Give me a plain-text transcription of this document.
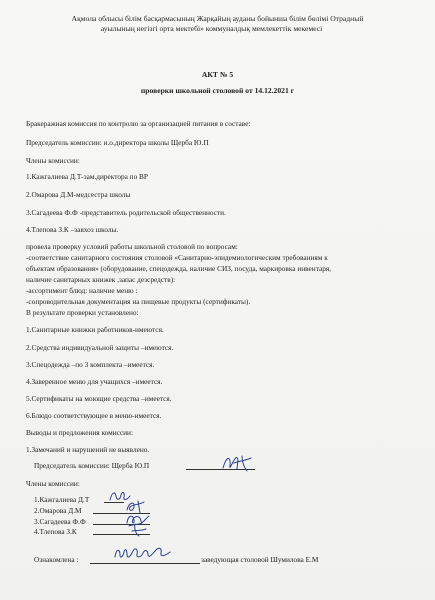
Ақмола облысы білім басқармасының Жарқайың ауданы бойынша білім бөлімі Отрадный
ауылының негізгі орта мектебі» коммуналдық мемлекеттік мекемесі
АКТ № 5
проверки школьной столовой от 14.12.2021 г
Бракеражная комиссия по контролю за организацией питания в составе:
Председатель комиссии: и.о.директора школы Щерба Ю.П
Члены комиссии:
1.Кажгалиева Д.Т-зам.директора по ВР
2.Омарова Д.М-медсестра школы
3.Сагадеева Ф.Ф -представитель родительской общественности.
4.Тлепова З.К –завхоз школы.
провела проверку условий работы школьной столовой по вопросам:
-соответствие санитарного состояния столовой «Санитарно-эпидемиологическим требованиям к
объектам образования» (оборудование, спецодежда, наличие СИЗ, посуда, маркировка инвентаря,
наличие санитарных книжек ,запас дезсредств):
-ассортимент блюд: наличие меню :
-сопроводительная документация на пищевые продукты (сертификаты).
В результате проверки установлено:
1.Санитарные книжки работников-имеются.
2.Средства индивидуальной защиты –имеются.
3.Спецодежда –по 3 комплекта –имеется.
4.Заверенное меню для учащихся –имеется.
5.Сертификаты на моющие средства –имеется.
6.Блюдо соответствующее в меню-имеется.
Выводы и предложения комиссии:
1.Замечаний и нарушений не выявлено.
Председатель комиссии: Щерба Ю.П
Члены комиссии:
1.Кажгалиева Д.Т
2.Омарова Д.М
3.Сагадеева Ф.Ф
4.Тлепова З.К
Ознакомлена :	заведующая столовой Шумилова Е.М
